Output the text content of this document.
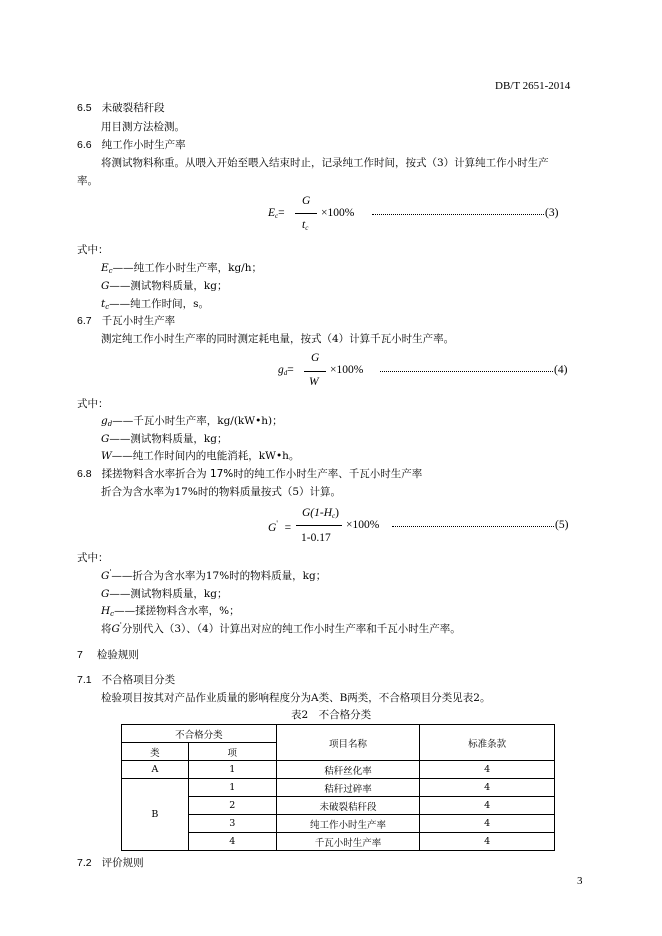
DB/T 2651-2014
6.5 未破裂秸秆段
用目测方法检测。
6.6 纯工作小时生产率
将测试物料称重。从喂入开始至喂入结束时止，记录纯工作时间，按式（3）计算纯工作小时生产
率。
$E_c=$
G
$t_c$
×100%	(3)
式中：
$E_c——$纯工作小时生产率，kg/h；
G——测试物料质量，kg；
$t_c——$纯工作时间，s。
6.7 千瓦小时生产率
测定纯工作小时生产率的同时测定耗电量，按式（4）计算千瓦小时生产率。
$g_d=$
G
W
×100%	(4)
式中：
$g_d——$千瓦小时生产率，kg/(kW•h)；
G——测试物料质量，kg；
W——纯工作时间内的电能消耗，kW•h。
6.8 揉搓物料含水率折合为 17%时的纯工作小时生产率、千瓦小时生产率
折合为含水率为17%时的物料质量按式（5）计算。
G' =
$G(1-H_c)$
1-0.17
×100%	(5)
式中：
G'——折合为含水率为17%时的物料质量，kg；
G——测试物料质量，kg；
$H_c——$揉搓物料含水率，%；
将G'分别代入（3）、（4）计算出对应的纯工作小时生产率和千瓦小时生产率。
7 检验规则
7.1 不合格项目分类
检验项目按其对产品作业质量的影响程度分为A类、B两类，不合格项目分类见表2。
表2　不合格分类
不合格分类		项目名称	标准条款
类	项		
A	1	秸秆丝化率	4
B	1	秸秆过碎率	4
	2	未破裂秸秆段	4
	3	纯工作小时生产率	4
	4	千瓦小时生产率	4
7.2 评价规则
3
